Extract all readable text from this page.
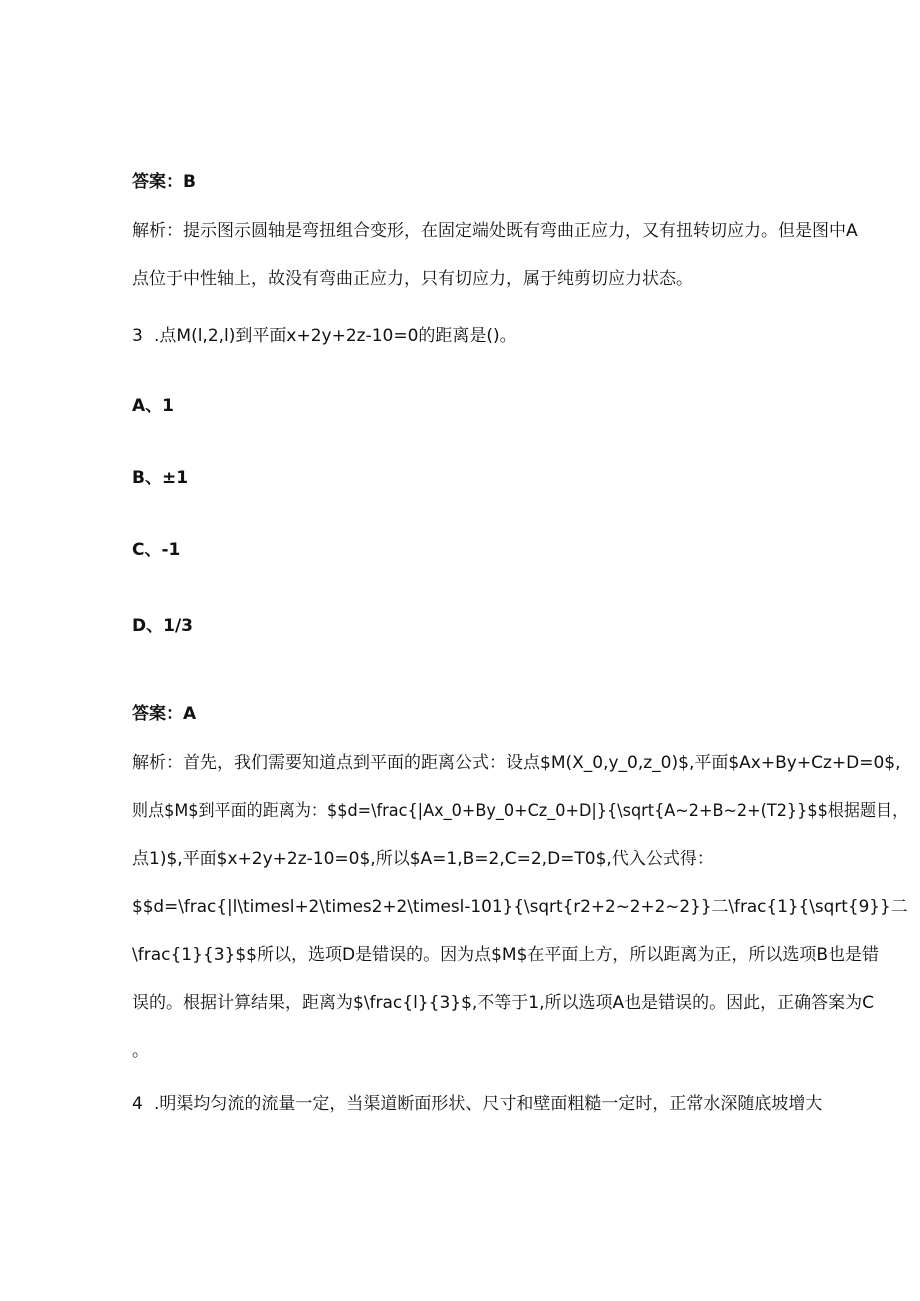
答案：B
解析：提示图示圆轴是弯扭组合变形，在固定端处既有弯曲正应力，又有扭转切应力。但是图中A
点位于中性轴上，故没有弯曲正应力，只有切应力，属于纯剪切应力状态。
3 .点M(l,2,l)到平面x+2y+2z-10=0的距离是()。
A、1
B、±1
C、-1
D、1/3
答案：A
解析：首先，我们需要知道点到平面的距离公式：设点$M(X_0,y_0,z_0)$,平面$Ax+By+Cz+D=0$,
则点$M$到平面的距离为：$$d=\frac{|Ax_0+By_0+Cz_0+D|}{\sqrt{A~2+B~2+(T2}}$$根据题目，
点1)$,平面$x+2y+2z-10=0$,所以$A=1,B=2,C=2,D=T0$,代入公式得：
$$d=\frac{|l\timesl+2\times2+2\timesl-101}{\sqrt{r2+2~2+2~2}}二\frac{1}{\sqrt{9}}二
\frac{1}{3}$$所以，选项D是错误的。因为点$M$在平面上方，所以距离为正，所以选项B也是错
误的。根据计算结果，距离为$\frac{l}{3}$,不等于1,所以选项A也是错误的。因此，正确答案为C
。
4 .明渠均匀流的流量一定，当渠道断面形状、尺寸和壁面粗糙一定时，正常水深随底坡增大
